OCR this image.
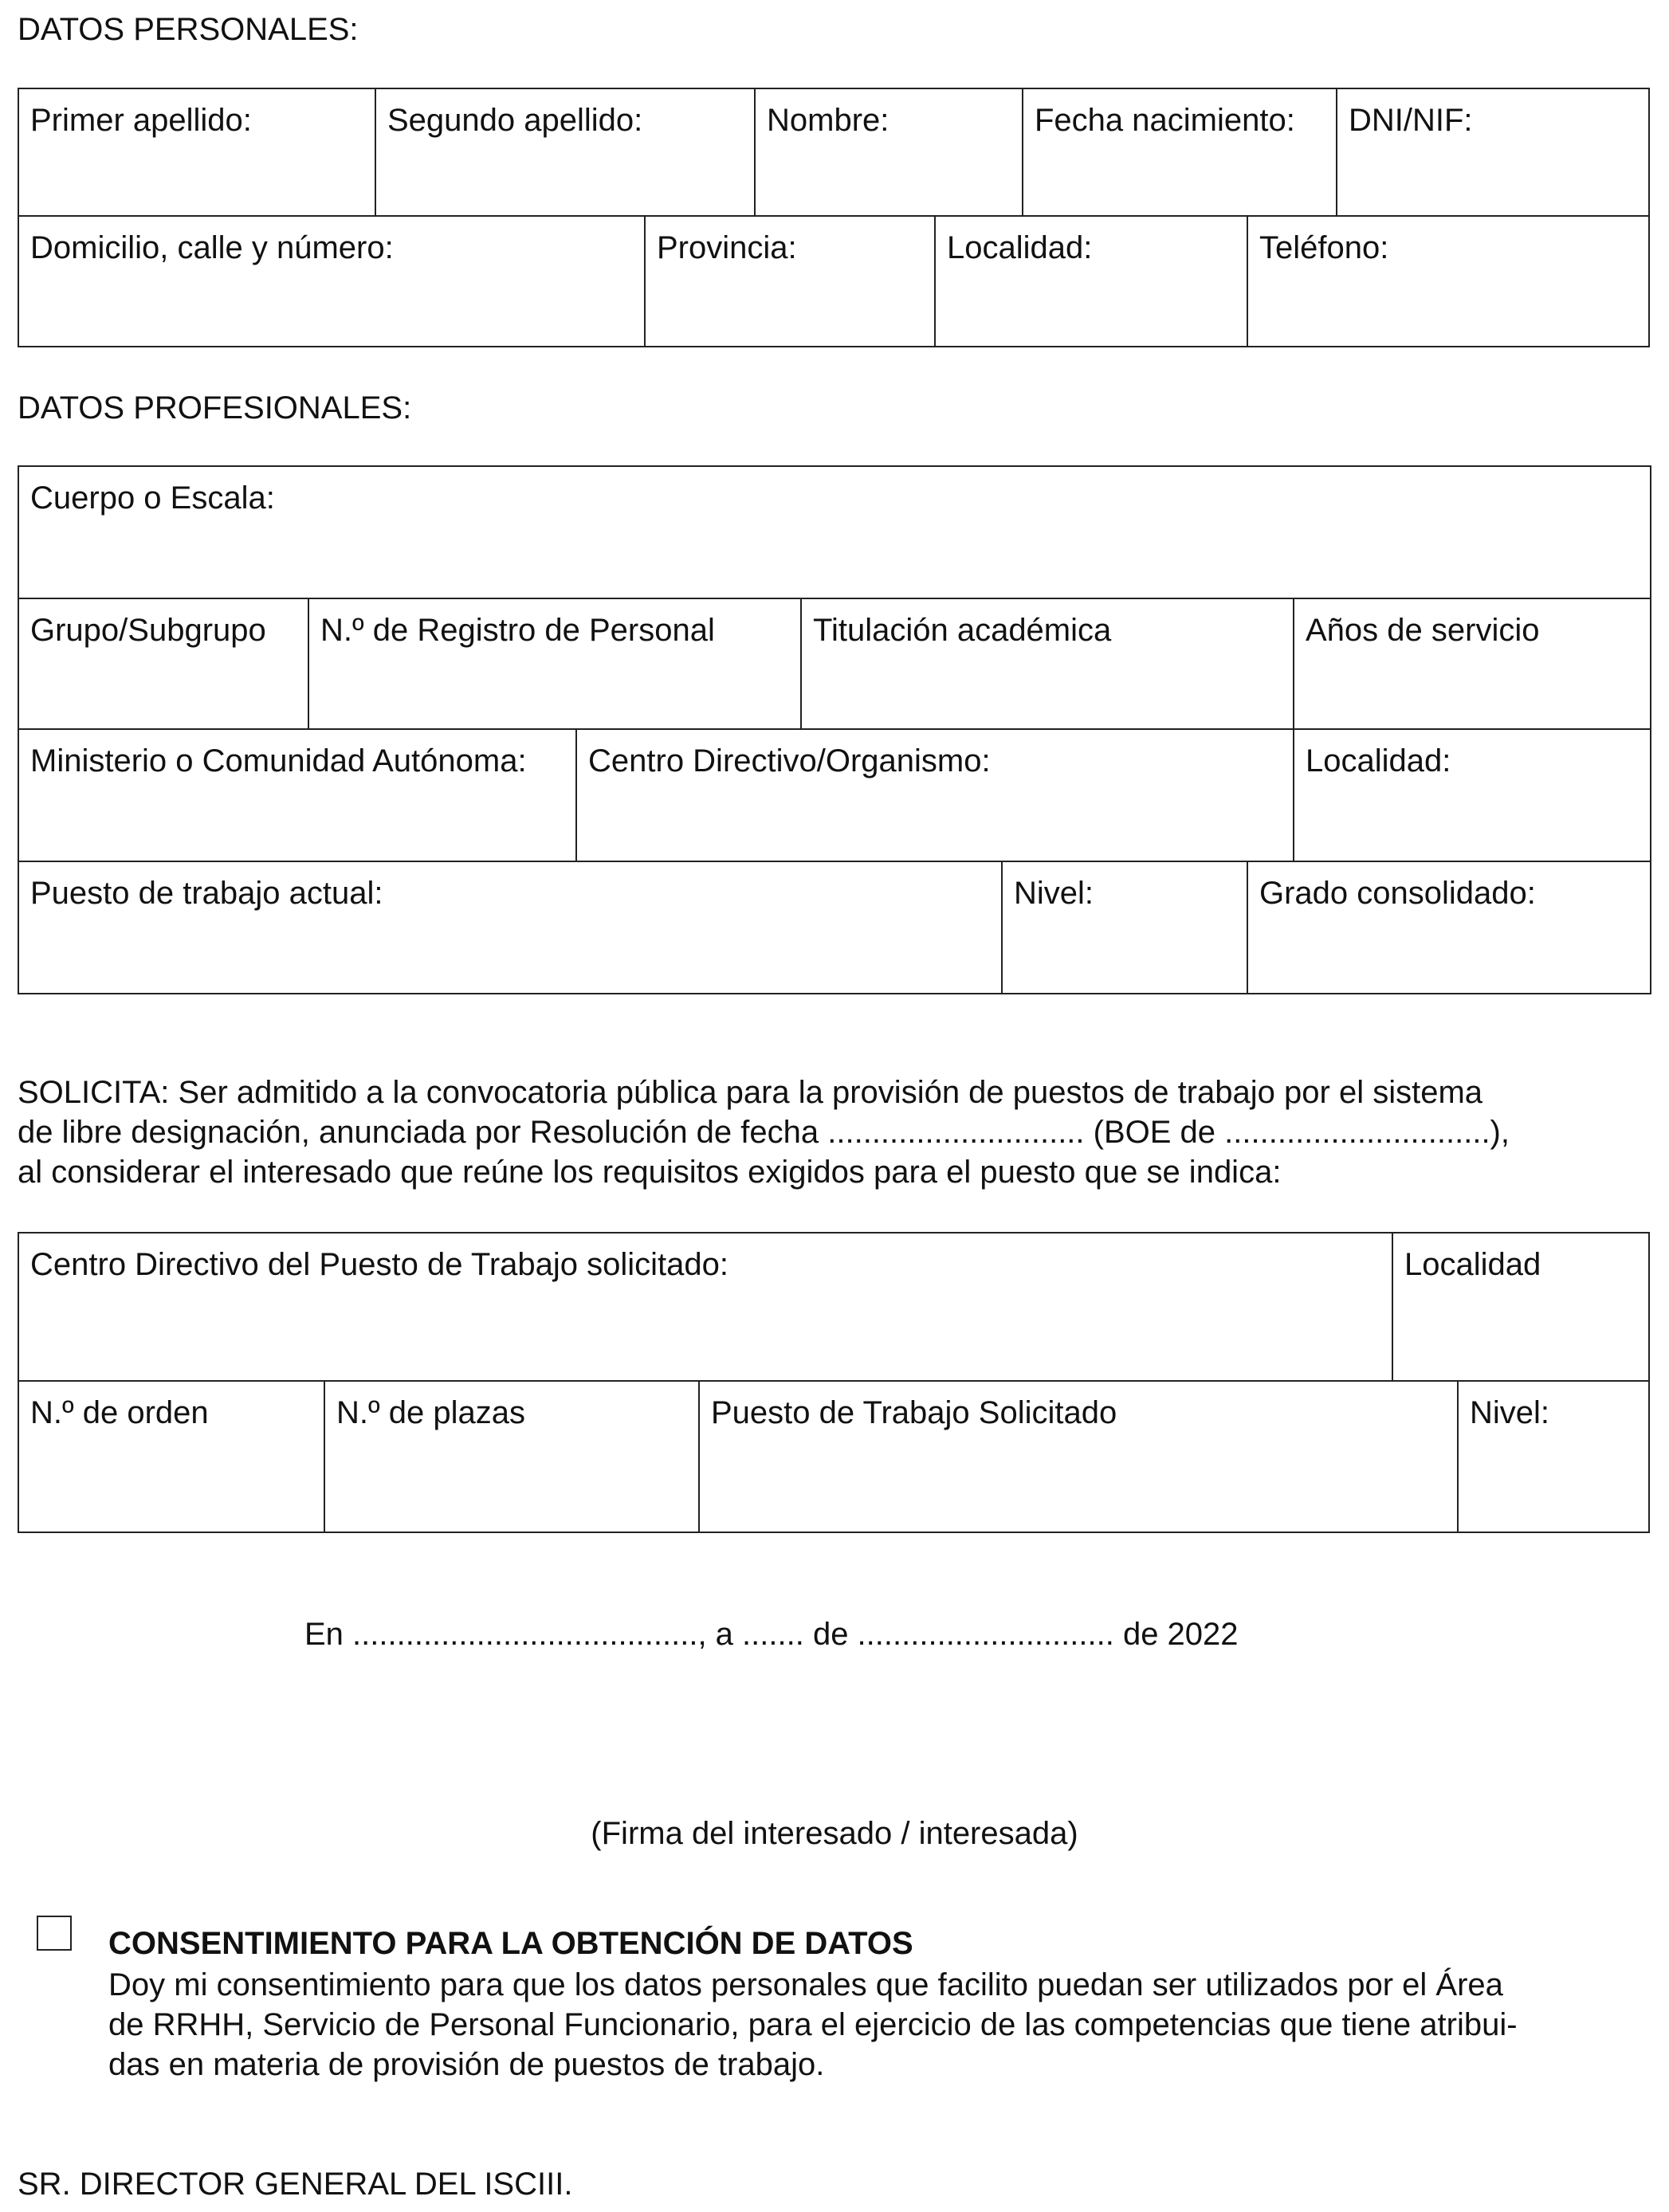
DATOS PERSONALES:
Primer apellido:	Segundo apellido:	Nombre:	Fecha nacimiento:	DNI/NIF:
Domicilio, calle y número:	Provincia:	Localidad:	Teléfono:
DATOS PROFESIONALES:
Cuerpo o Escala:
Grupo/Subgrupo	N.º de Registro de Personal	Titulación académica	Años de servicio
Ministerio o Comunidad Autónoma:	Centro Directivo/Organismo:	Localidad:
Puesto de trabajo actual:	Nivel:	Grado consolidado:
SOLICITA: Ser admitido a la convocatoria pública para la provisión de puestos de trabajo por el sistema
de libre designación, anunciada por Resolución de fecha ............................. (BOE de ..............................),
al considerar el interesado que reúne los requisitos exigidos para el puesto que se indica:
Centro Directivo del Puesto de Trabajo solicitado:	Localidad
N.º de orden	N.º de plazas	Puesto de Trabajo Solicitado	Nivel:
En ......................................., a ....... de ............................. de 2022
(Firma del interesado / interesada)
CONSENTIMIENTO PARA LA OBTENCIÓN DE DATOS
Doy mi consentimiento para que los datos personales que facilito puedan ser utilizados por el Área
de RRHH, Servicio de Personal Funcionario, para el ejercicio de las competencias que tiene atribui-
das en materia de provisión de puestos de trabajo.
SR. DIRECTOR GENERAL DEL ISCIII.
